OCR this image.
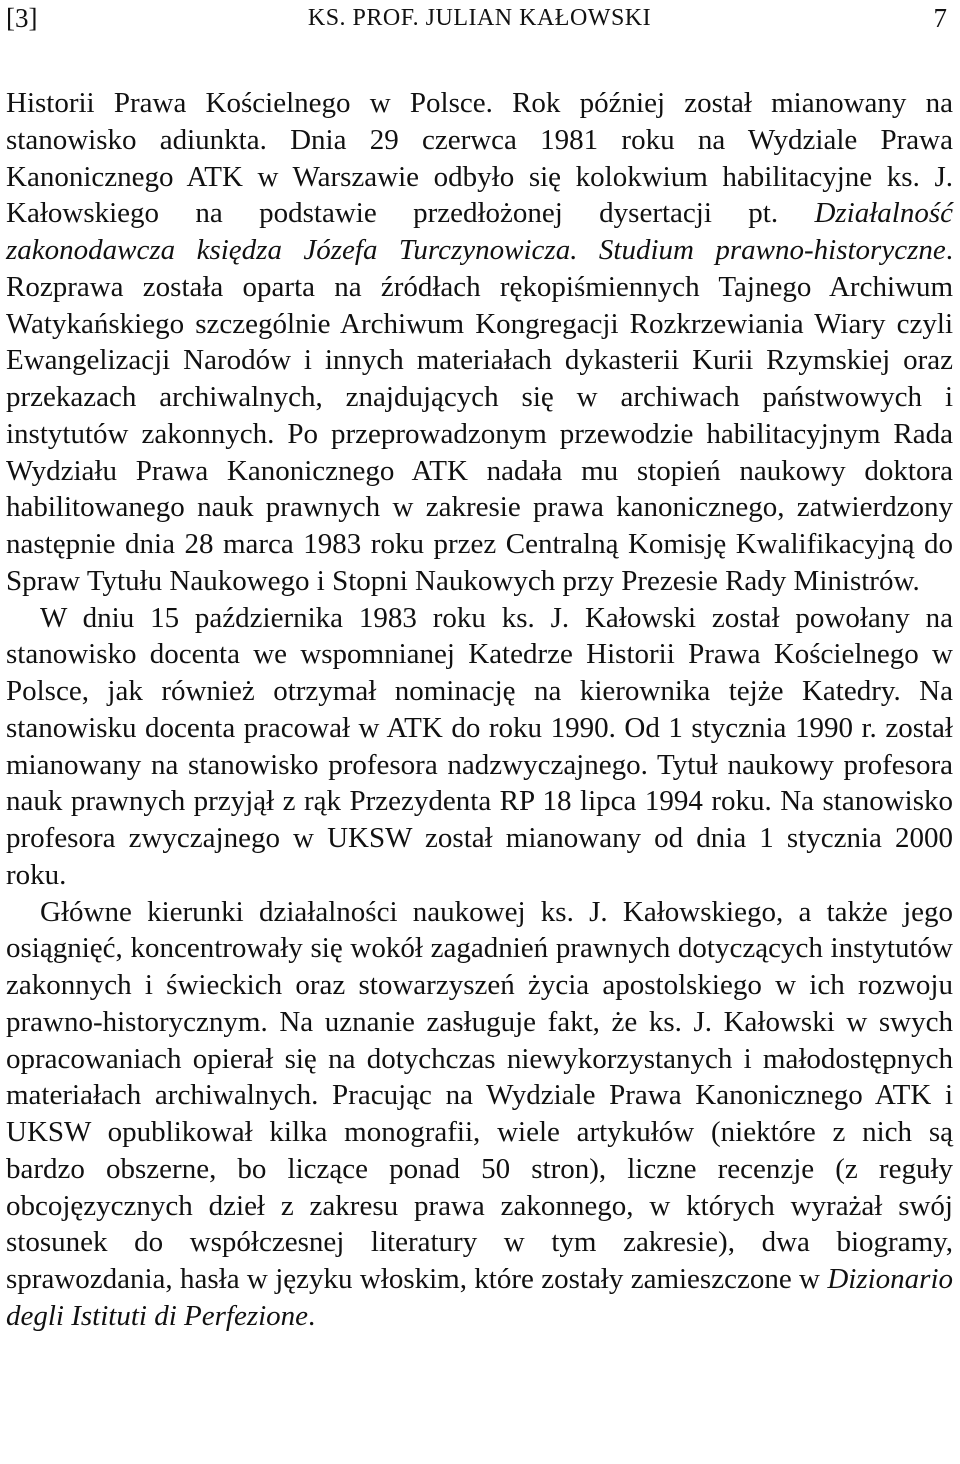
[3]	KS. PROF. JULIAN KAŁOWSKI	7

Historii Prawa Kościelnego w Polsce. Rok później został mianowany na stanowisko adiunkta. Dnia 29 czerwca 1981 roku na Wydziale Prawa Kanonicznego ATK w Warszawie odbyło się kolokwium habilitacyjne ks. J. Kałowskiego na podstawie przedłożonej dysertacji pt. Działalność zakonodawcza księdza Józefa Turczynowicza. Studium prawno-historyczne. Rozprawa została oparta na źródłach rękopiśmiennych Tajnego Archiwum Watykańskiego szczególnie Archiwum Kongregacji Rozkrzewiania Wiary czyli Ewangelizacji Narodów i innych materiałach dykasterii Kurii Rzymskiej oraz przekazach archiwalnych, znajdujących się w archiwach państwowych i instytutów zakonnych. Po przeprowadzonym przewodzie habilitacyjnym Rada Wydziału Prawa Kanonicznego ATK nadała mu stopień naukowy doktora habilitowanego nauk prawnych w zakresie prawa kanonicznego, zatwierdzony następnie dnia 28 marca 1983 roku przez Centralną Komisję Kwalifikacyjną do Spraw Tytułu Naukowego i Stopni Naukowych przy Prezesie Rady Ministrów.

W dniu 15 października 1983 roku ks. J. Kałowski został powołany na stanowisko docenta we wspomnianej Katedrze Historii Prawa Kościelnego w Polsce, jak również otrzymał nominację na kierownika tejże Katedry. Na stanowisku docenta pracował w ATK do roku 1990. Od 1 stycznia 1990 r. został mianowany na stanowisko profesora nadzwyczajnego. Tytuł naukowy profesora nauk prawnych przyjął z rąk Przezydenta RP 18 lipca 1994 roku. Na stanowisko profesora zwyczajnego w UKSW został mianowany od dnia 1 stycznia 2000 roku.

Główne kierunki działalności naukowej ks. J. Kałowskiego, a także jego osiągnięć, koncentrowały się wokół zagadnień prawnych dotyczących instytutów zakonnych i świeckich oraz stowarzyszeń życia apostolskiego w ich rozwoju prawno-historycznym. Na uznanie zasługuje fakt, że ks. J. Kałowski w swych opracowaniach opierał się na dotychczas niewykorzystanych i małodostępnych materiałach archiwalnych. Pracując na Wydziale Prawa Kanonicznego ATK i UKSW opublikował kilka monografii, wiele artykułów (niektóre z nich są bardzo obszerne, bo liczące ponad 50 stron), liczne recenzje (z reguły obcojęzycznych dzieł z zakresu prawa zakonnego, w których wyrażał swój stosunek do współczesnej literatury w tym zakresie), dwa biogramy, sprawozdania, hasła w języku włoskim, które zostały zamieszczone w Dizionario degli Istituti di Perfezione.
